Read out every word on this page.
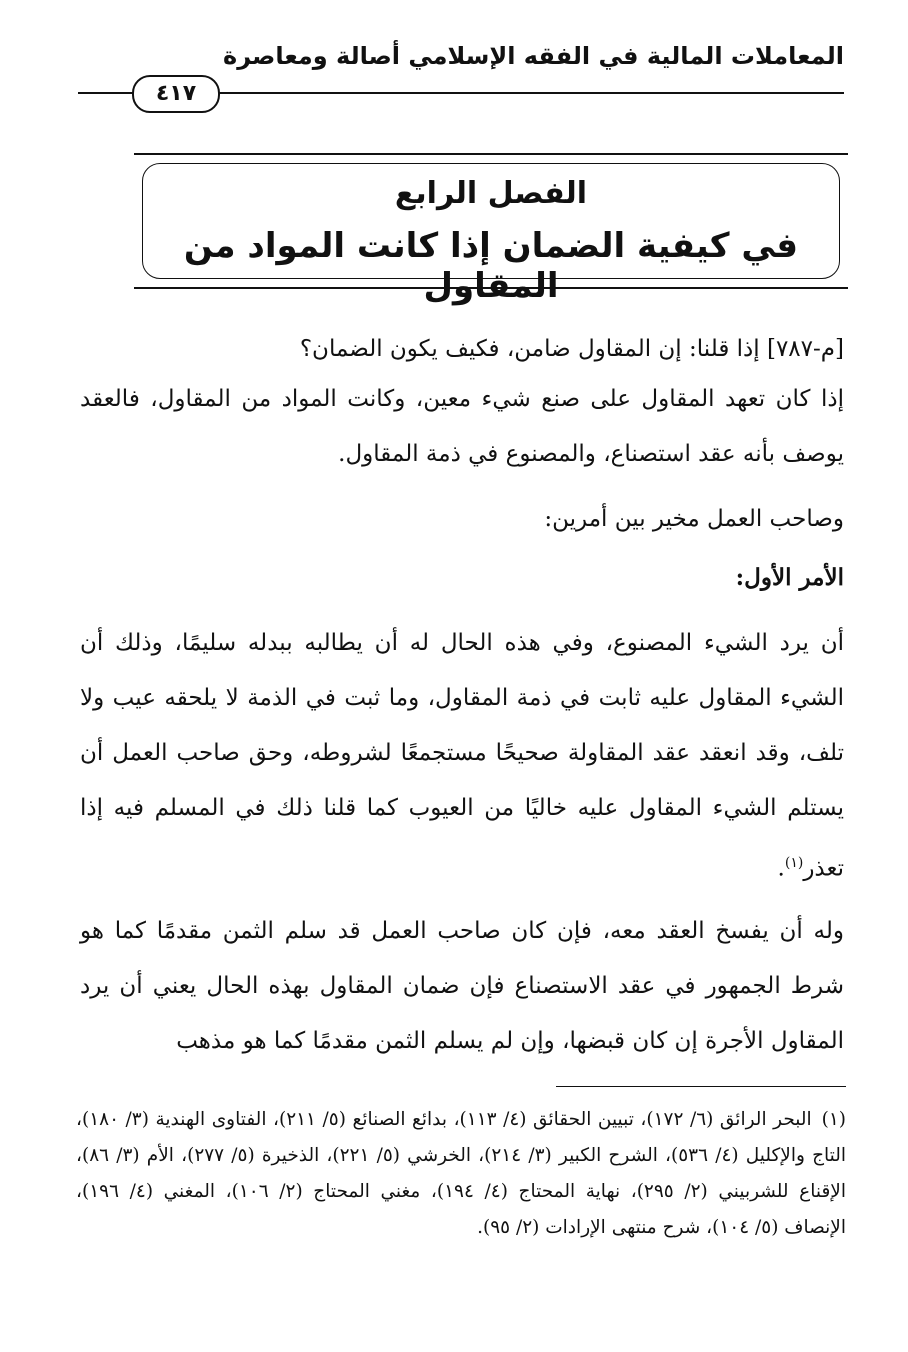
المعاملات المالية في الفقه الإسلامي أصالة ومعاصرة
٤١٧
الفصل الرابع
في كيفية الضمان إذا كانت المواد من المقاول
[م-٧٨٧] إذا قلنا: إن المقاول ضامن، فكيف يكون الضمان؟
إذا كان تعهد المقاول على صنع شيء معين، وكانت المواد من المقاول، فالعقد يوصف بأنه عقد استصناع، والمصنوع في ذمة المقاول.
وصاحب العمل مخير بين أمرين:
الأمر الأول:
أن يرد الشيء المصنوع، وفي هذه الحال له أن يطالبه ببدله سليمًا، وذلك أن الشيء المقاول عليه ثابت في ذمة المقاول، وما ثبت في الذمة لا يلحقه عيب ولا تلف، وقد انعقد عقد المقاولة صحيحًا مستجمعًا لشروطه، وحق صاحب العمل أن يستلم الشيء المقاول عليه خاليًا من العيوب كما قلنا ذلك في المسلم فيه إذا تعذر$^{(١)}$.
وله أن يفسخ العقد معه، فإن كان صاحب العمل قد سلم الثمن مقدمًا كما هو شرط الجمهور في عقد الاستصناع فإن ضمان المقاول بهذه الحال يعني أن يرد المقاول الأجرة إن كان قبضها، وإن لم يسلم الثمن مقدمًا كما هو مذهب
(١)البحر الرائق (٦/ ١٧٢)، تبيين الحقائق (٤/ ١١٣)، بدائع الصنائع (٥/ ٢١١)، الفتاوى الهندية (٣/ ١٨٠)، التاج والإكليل (٤/ ٥٣٦)، الشرح الكبير (٣/ ٢١٤)، الخرشي (٥/ ٢٢١)، الذخيرة (٥/ ٢٧٧)، الأم (٣/ ٨٦)، الإقناع للشربيني (٢/ ٢٩٥)، نهاية المحتاج (٤/ ١٩٤)، مغني المحتاج (٢/ ١٠٦)، المغني (٤/ ١٩٦)، الإنصاف (٥/ ١٠٤)، شرح منتهى الإرادات (٢/ ٩٥).
